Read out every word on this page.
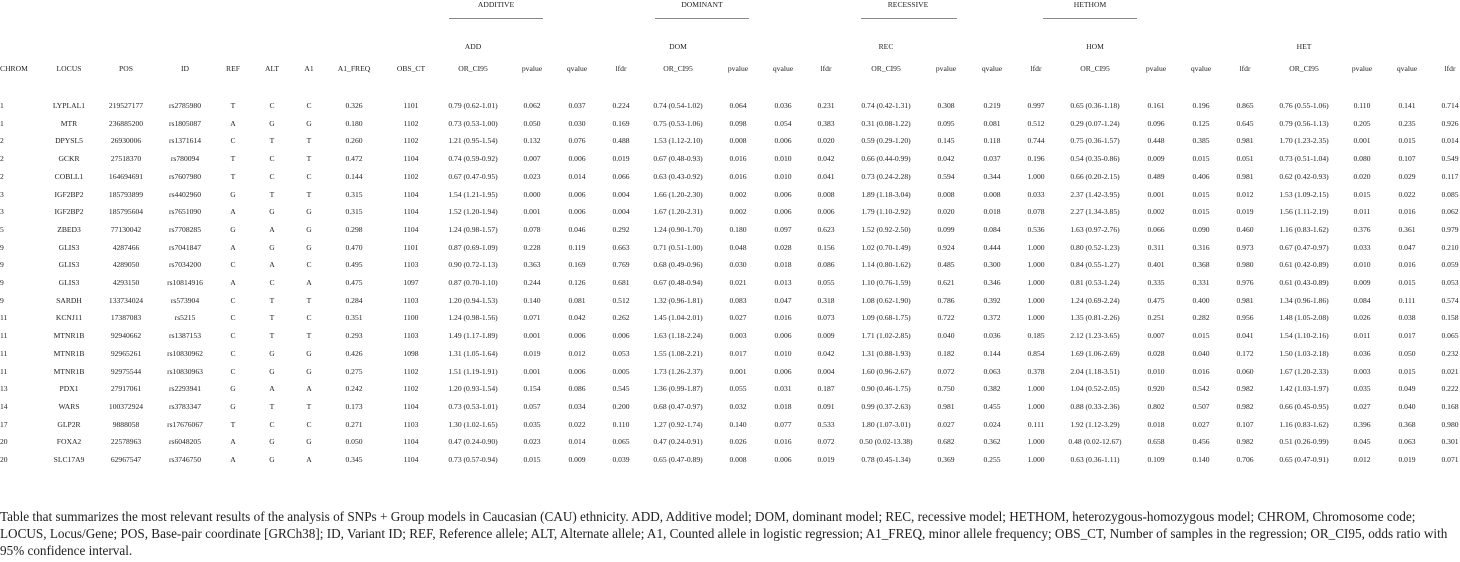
ADDITIVE	DOMINANT	RECESSIVE	HETHOM
ADD	DOM	REC	HOM	HET
CHROM	LOCUS	POS	ID	REF	ALT	A1	A1_FREQ	OBS_CT	OR_CI95	pvalue	qvalue	lfdr	OR_CI95	pvalue	qvalue	lfdr	OR_CI95	pvalue	qvalue	lfdr	OR_CI95	pvalue	qvalue	lfdr	OR_CI95	pvalue	qvalue	lfdr
1	LYPLAL1	219527177	rs2785980	T	C	C	0.326	1101	0.79 (0.62-1.01)	0.062	0.037	0.224	0.74 (0.54-1.02)	0.064	0.036	0.231	0.74 (0.42-1.31)	0.308	0.219	0.997	0.65 (0.36-1.18)	0.161	0.196	0.865	0.76 (0.55-1.06)	0.110	0.141	0.714
1	MTR	236885200	rs1805087	A	G	G	0.180	1102	0.73 (0.53-1.00)	0.050	0.030	0.169	0.75 (0.53-1.06)	0.098	0.054	0.383	0.31 (0.08-1.22)	0.095	0.081	0.512	0.29 (0.07-1.24)	0.096	0.125	0.645	0.79 (0.56-1.13)	0.205	0.235	0.926
2	DPYSL5	26930006	rs1371614	C	T	T	0.260	1102	1.21 (0.95-1.54)	0.132	0.076	0.488	1.53 (1.12-2.10)	0.008	0.006	0.020	0.59 (0.29-1.20)	0.145	0.118	0.744	0.75 (0.36-1.57)	0.448	0.385	0.981	1.70 (1.23-2.35)	0.001	0.015	0.014
2	GCKR	27518370	rs780094	T	C	T	0.472	1104	0.74 (0.59-0.92)	0.007	0.006	0.019	0.67 (0.48-0.93)	0.016	0.010	0.042	0.66 (0.44-0.99)	0.042	0.037	0.196	0.54 (0.35-0.86)	0.009	0.015	0.051	0.73 (0.51-1.04)	0.080	0.107	0.549
2	COBLL1	164694691	rs7607980	T	C	C	0.144	1102	0.67 (0.47-0.95)	0.023	0.014	0.066	0.63 (0.43-0.92)	0.016	0.010	0.041	0.73 (0.24-2.28)	0.594	0.344	1.000	0.66 (0.20-2.15)	0.489	0.406	0.981	0.62 (0.42-0.93)	0.020	0.029	0.117
3	IGF2BP2	185793899	rs4402960	G	T	T	0.315	1104	1.54 (1.21-1.95)	0.000	0.006	0.004	1.66 (1.20-2.30)	0.002	0.006	0.008	1.89 (1.18-3.04)	0.008	0.008	0.033	2.37 (1.42-3.95)	0.001	0.015	0.012	1.53 (1.09-2.15)	0.015	0.022	0.085
3	IGF2BP2	185795604	rs7651090	A	G	G	0.315	1104	1.52 (1.20-1.94)	0.001	0.006	0.004	1.67 (1.20-2.31)	0.002	0.006	0.006	1.79 (1.10-2.92)	0.020	0.018	0.078	2.27 (1.34-3.85)	0.002	0.015	0.019	1.56 (1.11-2.19)	0.011	0.016	0.062
5	ZBED3	77130042	rs7708285	G	A	G	0.298	1104	1.24 (0.98-1.57)	0.078	0.046	0.292	1.24 (0.90-1.70)	0.180	0.097	0.623	1.52 (0.92-2.50)	0.099	0.084	0.536	1.63 (0.97-2.76)	0.066	0.090	0.460	1.16 (0.83-1.62)	0.376	0.361	0.979
9	GLIS3	4287466	rs7041847	A	G	G	0.470	1101	0.87 (0.69-1.09)	0.228	0.119	0.663	0.71 (0.51-1.00)	0.048	0.028	0.156	1.02 (0.70-1.49)	0.924	0.444	1.000	0.80 (0.52-1.23)	0.311	0.316	0.973	0.67 (0.47-0.97)	0.033	0.047	0.210
9	GLIS3	4289050	rs7034200	C	A	C	0.495	1103	0.90 (0.72-1.13)	0.363	0.169	0.769	0.68 (0.49-0.96)	0.030	0.018	0.086	1.14 (0.80-1.62)	0.485	0.300	1.000	0.84 (0.55-1.27)	0.401	0.368	0.980	0.61 (0.42-0.89)	0.010	0.016	0.059
9	GLIS3	4293150	rs10814916	A	C	A	0.475	1097	0.87 (0.70-1.10)	0.244	0.126	0.681	0.67 (0.48-0.94)	0.021	0.013	0.055	1.10 (0.76-1.59)	0.621	0.346	1.000	0.81 (0.53-1.24)	0.335	0.331	0.976	0.61 (0.43-0.89)	0.009	0.015	0.053
9	SARDH	133734024	rs573904	C	T	T	0.284	1103	1.20 (0.94-1.53)	0.140	0.081	0.512	1.32 (0.96-1.81)	0.083	0.047	0.318	1.08 (0.62-1.90)	0.786	0.392	1.000	1.24 (0.69-2.24)	0.475	0.400	0.981	1.34 (0.96-1.86)	0.084	0.111	0.574
11	KCNJ11	17387083	rs5215	C	T	C	0.351	1100	1.24 (0.98-1.56)	0.071	0.042	0.262	1.45 (1.04-2.01)	0.027	0.016	0.073	1.09 (0.68-1.75)	0.722	0.372	1.000	1.35 (0.81-2.26)	0.251	0.282	0.956	1.48 (1.05-2.08)	0.026	0.038	0.158
11	MTNR1B	92940662	rs1387153	C	T	T	0.293	1103	1.49 (1.17-1.89)	0.001	0.006	0.006	1.63 (1.18-2.24)	0.003	0.006	0.009	1.71 (1.02-2.85)	0.040	0.036	0.185	2.12 (1.23-3.65)	0.007	0.015	0.041	1.54 (1.10-2.16)	0.011	0.017	0.065
11	MTNR1B	92965261	rs10830962	C	G	G	0.426	1098	1.31 (1.05-1.64)	0.019	0.012	0.053	1.55 (1.08-2.21)	0.017	0.010	0.042	1.31 (0.88-1.93)	0.182	0.144	0.854	1.69 (1.06-2.69)	0.028	0.040	0.172	1.50 (1.03-2.18)	0.036	0.050	0.232
11	MTNR1B	92975544	rs10830963	C	G	G	0.275	1102	1.51 (1.19-1.91)	0.001	0.006	0.005	1.73 (1.26-2.37)	0.001	0.006	0.004	1.60 (0.96-2.67)	0.072	0.063	0.378	2.04 (1.18-3.51)	0.010	0.016	0.060	1.67 (1.20-2.33)	0.003	0.015	0.021
13	PDX1	27917061	rs2293941	G	A	A	0.242	1102	1.20 (0.93-1.54)	0.154	0.086	0.545	1.36 (0.99-1.87)	0.055	0.031	0.187	0.90 (0.46-1.75)	0.750	0.382	1.000	1.04 (0.52-2.05)	0.920	0.542	0.982	1.42 (1.03-1.97)	0.035	0.049	0.222
14	WARS	100372924	rs3783347	G	T	T	0.173	1104	0.73 (0.53-1.01)	0.057	0.034	0.200	0.68 (0.47-0.97)	0.032	0.018	0.091	0.99 (0.37-2.63)	0.981	0.455	1.000	0.88 (0.33-2.36)	0.802	0.507	0.982	0.66 (0.45-0.95)	0.027	0.040	0.168
17	GLP2R	9888058	rs17676067	T	C	C	0.271	1103	1.30 (1.02-1.65)	0.035	0.022	0.110	1.27 (0.92-1.74)	0.140	0.077	0.533	1.80 (1.07-3.01)	0.027	0.024	0.111	1.92 (1.12-3.29)	0.018	0.027	0.107	1.16 (0.83-1.62)	0.396	0.368	0.980
20	FOXA2	22578963	rs6048205	A	G	G	0.050	1104	0.47 (0.24-0.90)	0.023	0.014	0.065	0.47 (0.24-0.91)	0.026	0.016	0.072	0.50 (0.02-13.38)	0.682	0.362	1.000	0.48 (0.02-12.67)	0.658	0.456	0.982	0.51 (0.26-0.99)	0.045	0.063	0.301
20	SLC17A9	62967547	rs3746750	A	G	A	0.345	1104	0.73 (0.57-0.94)	0.015	0.009	0.039	0.65 (0.47-0.89)	0.008	0.006	0.019	0.78 (0.45-1.34)	0.369	0.255	1.000	0.63 (0.36-1.11)	0.109	0.140	0.706	0.65 (0.47-0.91)	0.012	0.019	0.071
Table that summarizes the most relevant results of the analysis of SNPs + Group models in Caucasian (CAU) ethnicity. ADD, Additive model; DOM, dominant model; REC, recessive model; HETHOM, heterozygous-homozygous model; CHROM, Chromosome code; LOCUS, Locus/Gene; POS, Base-pair coordinate [GRCh38]; ID, Variant ID; REF, Reference allele; ALT, Alternate allele; A1, Counted allele in logistic regression; A1_FREQ, minor allele frequency; OBS_CT, Number of samples in the regression; OR_CI95, odds ratio with 95% confidence interval.
